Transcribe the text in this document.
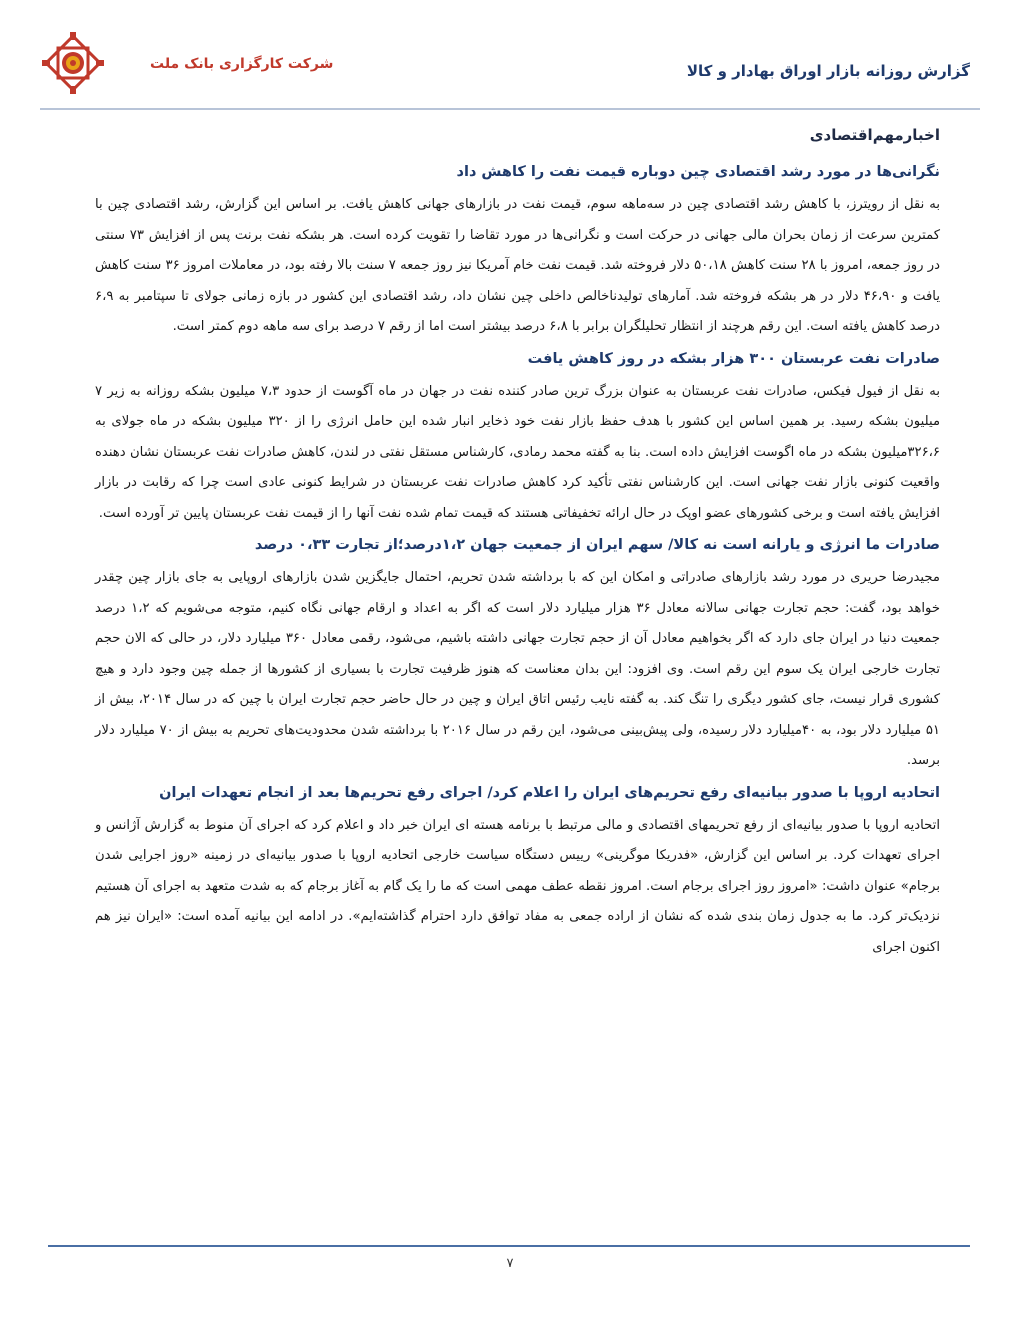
گزارش روزانه بازار اوراق بهادار و کالا
شرکت کارگزاری بانک ملت
اخبارمهم‌اقتصادی
نگرانی‌ها در مورد رشد اقتصادی چین دوباره قیمت نفت را کاهش داد

به نقل از رویترز، با کاهش رشد اقتصادی چین در سه‌ماهه سوم، قیمت نفت در بازارهای جهانی کاهش یافت. بر اساس این گزارش، رشد اقتصادی چین با کمترین سرعت از زمان بحران مالی جهانی در حرکت است و نگرانی‌ها در مورد تقاضا را تقویت کرده است. هر بشکه نفت برنت پس از افزایش ۷۳ سنتی در روز جمعه، امروز با ۲۸ سنت کاهش ۵۰،۱۸ دلار فروخته شد. قیمت نفت خام آمریکا نیز روز جمعه ۷ سنت بالا رفته بود، در معاملات امروز ۳۶ سنت کاهش یافت و ۴۶،۹۰ دلار در هر بشکه فروخته شد. آمارهای تولیدناخالص داخلی چین نشان داد، رشد اقتصادی این کشور در بازه زمانی جولای تا سپتامبر به ۶،۹ درصد کاهش یافته است. این رقم هرچند از انتظار تحلیلگران برابر با ۶،۸ درصد بیشتر است اما از رقم ۷ درصد برای سه ماهه دوم کمتر است.

صادرات نفت عربستان ۳۰۰ هزار بشکه در روز کاهش یافت

به نقل از فیول فیکس، صادرات نفت عربستان به عنوان بزرگ ترین صادر کننده نفت در جهان در ماه آگوست از حدود ۷،۳ میلیون بشکه روزانه به زیر ۷ میلیون بشکه رسید. بر همین اساس این کشور با هدف حفظ بازار نفت خود ذخایر انبار شده این حامل انرژی را از ۳۲۰ میلیون بشکه در ماه جولای به ۳۲۶،۶میلیون بشکه در ماه اگوست افزایش داده است. بنا به گفته محمد رمادی، کارشناس مستقل نفتی در لندن، کاهش صادرات نفت عربستان نشان دهنده واقعیت کنونی بازار نفت جهانی است. این کارشناس نفتی تأکید کرد کاهش صادرات نفت عربستان در شرایط کنونی عادی است چرا که رقابت در بازار افزایش یافته است و برخی کشورهای عضو اوپک در حال ارائه تخفیفاتی هستند که قیمت تمام شده نفت آنها را از قیمت نفت عربستان پایین تر آورده است.

صادرات ما انرژی و یارانه است نه کالا/ سهم ایران از جمعیت جهان ۱،۲درصد؛از تجارت ۰،۳۳ درصد

مجیدرضا حریری در مورد رشد بازارهای صادراتی و امکان این که با برداشته شدن تحریم، احتمال جایگزین شدن بازارهای اروپایی به جای بازار چین چقدر خواهد بود، گفت: حجم تجارت جهانی سالانه معادل ۳۶ هزار میلیارد دلار است که اگر به اعداد و ارقام جهانی نگاه کنیم، متوجه می‌شویم که ۱،۲ درصد جمعیت دنیا در ایران جای دارد که اگر بخواهیم معادل آن از حجم تجارت جهانی داشته باشیم، می‌شود، رقمی معادل ۳۶۰ میلیارد دلار، در حالی که الان حجم تجارت خارجی ایران یک سوم این رقم است. وی افزود: این بدان معناست که هنوز ظرفیت تجارت با بسیاری از کشورها از جمله چین وجود دارد و هیچ کشوری قرار نیست، جای کشور دیگری را تنگ کند. به گفته نایب رئیس اتاق ایران و چین در حال حاضر حجم تجارت ایران با چین که در سال ۲۰۱۴، بیش از ۵۱ میلیارد دلار بود، به ۴۰میلیارد دلار رسیده، ولی پیش‌بینی می‌شود، این رقم در سال ۲۰۱۶ با برداشته شدن محدودیت‌های تحریم به بیش از ۷۰ میلیارد دلار برسد.

اتحادیه اروپا با صدور بیانیه‌ای رفع تحریم‌های ایران را اعلام کرد/ اجرای رفع تحریم‌ها بعد از انجام تعهدات ایران

اتحادیه اروپا با صدور بیانیه‌ای از رفع تحریمهای اقتصادی و مالی مرتبط با برنامه هسته ای ایران خبر داد و اعلام کرد که اجرای آن منوط به گزارش آژانس و اجرای تعهدات کرد. بر اساس این گزارش، «فدریکا موگرینی» رییس دستگاه سیاست خارجی اتحادیه اروپا با صدور بیانیه‌ای در زمینه «روز اجرایی شدن برجام» عنوان داشت: «امروز روز اجرای برجام است. امروز نقطه عطف مهمی است که ما را یک گام به آغاز برجام که به شدت متعهد به اجرای آن هستیم نزدیک‌تر کرد. ما به جدول زمان بندی شده که نشان از اراده جمعی به مفاد توافق دارد احترام گذاشته‌ایم». در ادامه این بیانیه آمده است: «ایران نیز هم اکنون اجرای

۷
